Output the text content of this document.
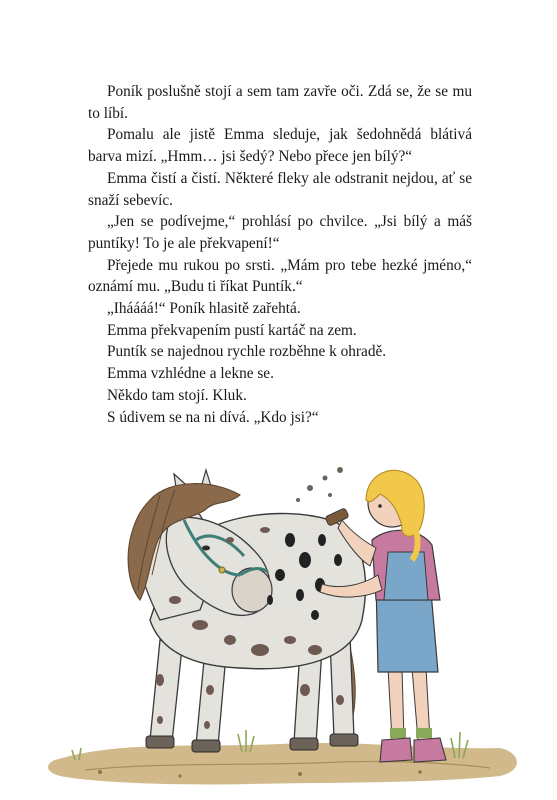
Poník poslušně stojí a sem tam zavře oči. Zdá se, že se mu to líbí.

Pomalu ale jistě Emma sleduje, jak šedohnědá blátivá barva mizí. „Hmm… jsi šedý? Nebo přece jen bílý?“

Emma čistí a čistí. Některé fleky ale odstranit nejdou, ať se snaží sebevíc.

„Jen se podívejme,“ prohlásí po chvilce. „Jsi bílý a máš puntíky! To je ale překvapení!“

Přejede mu rukou po srsti. „Mám pro tebe hezké jméno,“ oznámí mu. „Budu ti říkat Puntík.“

„Iháááá!“ Poník hlasitě zařehtá.

Emma překvapením pustí kartáč na zem.

Puntík se najednou rychle rozběhne k ohradě.

Emma vzhlédne a lekne se.

Někdo tam stojí. Kluk.

S údivem se na ni dívá. „Kdo jsi?“
